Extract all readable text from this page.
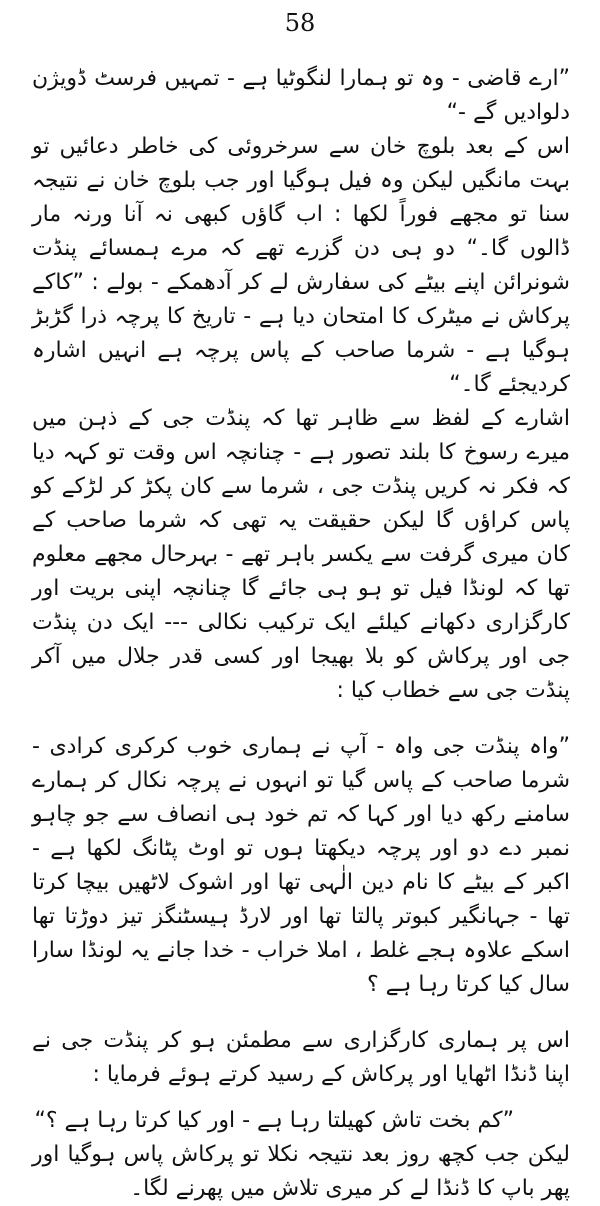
58

”ارے قاضی - وہ تو ہمارا لنگوٹیا ہے - تمہیں فرسٹ ڈویژن دلوادیں گے -“

اس کے بعد بلوچ خان سے سرخروئی کی خاطر دعائیں تو بہت مانگیں لیکن وہ فیل ہوگیا اور جب بلوچ خان نے نتیجہ سنا تو مجھے فوراً لکھا : اب گاؤں کبھی نہ آنا ورنہ مار ڈالوں گا۔“ دو ہی دن گزرے تھے کہ مرے ہمسائے پنڈت شونرائن اپنے بیٹے کی سفارش لے کر آدھمکے - بولے : ”کاکے پرکاش نے میٹرک کا امتحان دیا ہے - تاریخ کا پرچہ ذرا گڑبڑ ہوگیا ہے - شرما صاحب کے پاس پرچہ ہے انہیں اشارہ کردیجئے گا۔“

اشارے کے لفظ سے ظاہر تھا کہ پنڈت جی کے ذہن میں میرے رسوخ کا بلند تصور ہے - چنانچہ اس وقت تو کہہ دیا کہ فکر نہ کریں پنڈت جی ، شرما سے کان پکڑ کر لڑکے کو پاس کراؤں گا لیکن حقیقت یہ تھی کہ شرما صاحب کے کان میری گرفت سے یکسر باہر تھے - بہرحال مجھے معلوم تھا کہ لونڈا فیل تو ہو ہی جائے گا چنانچہ اپنی بریت اور کارگزاری دکھانے کیلئے ایک ترکیب نکالی --- ایک دن پنڈت جی اور پرکاش کو بلا بھیجا اور کسی قدر جلال میں آکر پنڈت جی سے خطاب کیا :

”واہ پنڈت جی واہ - آپ نے ہماری خوب کرکری کرادی - شرما صاحب کے پاس گیا تو انہوں نے پرچہ نکال کر ہمارے سامنے رکھ دیا اور کہا کہ تم خود ہی انصاف سے جو چاہو نمبر دے دو اور پرچہ دیکھتا ہوں تو اوٹ پٹانگ لکھا ہے - اکبر کے بیٹے کا نام دین الٰہی تھا اور اشوک لاٹھیں بیچا کرتا تھا - جہانگیر کبوتر پالتا تھا اور لارڈ ہیسٹنگز تیز دوڑتا تھا اسکے علاوہ ہجے غلط ، املا خراب - خدا جانے یہ لونڈا سارا سال کیا کرتا رہا ہے ؟

اس پر ہماری کارگزاری سے مطمئن ہو کر پنڈت جی نے اپنا ڈنڈا اٹھایا اور پرکاش کے رسید کرتے ہوئے فرمایا :

”کم بخت تاش کھیلتا رہا ہے - اور کیا کرتا رہا ہے ؟“

لیکن جب کچھ روز بعد نتیجہ نکلا تو پرکاش پاس ہوگیا اور پھر باپ کا ڈنڈا لے کر میری تلاش میں پھرنے لگا۔
